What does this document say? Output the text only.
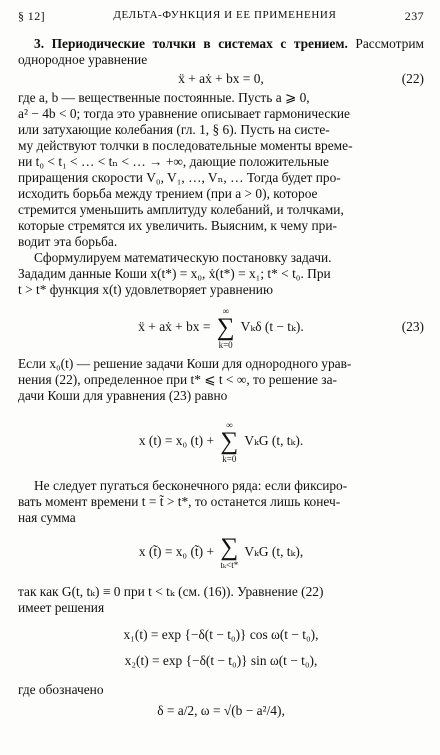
§ 12]	ДЕЛЬТА-ФУНКЦИЯ И ЕЕ ПРИМЕНЕНИЯ	237

3. Периодические толчки в системах с трением. Рассмотрим однородное уравнение

ẍ + aẋ + bx = 0,	(22)

где a, b — вещественные постоянные. Пусть a ⩾ 0,

a² − 4b < 0; тогда это уравнение описывает гармонические

или затухающие колебания (гл. 1, § 6). Пусть на систе-

му действуют толчки в последовательные моменты време-

ни t₀ < t₁ < … < tₙ < … → +∞, дающие положительные

приращения скорости V₀, V₁, …, Vₙ, … Тогда будет про-

исходить борьба между трением (при a > 0), которое

стремится уменьшить амплитуду колебаний, и толчками,

которые стремятся их увеличить. Выясним, к чему при-

водит эта борьба.

Сформулируем математическую постановку задачи.

Зададим данные Коши x(t*) = x₀, ẋ(t*) = x₁; t* < t₀. При

t > t* функция x(t) удовлетворяет уравнению

ẍ + aẋ + bx =
∞
∑
k=0
Vₖδ (t − tₖ).	(23)

Если x₀(t) — решение задачи Коши для однородного урав-

нения (22), определенное при t* ⩽ t < ∞, то решение за-

дачи Коши для уравнения (23) равно

x (t) = x₀ (t) +
∞
∑
k=0
VₖG (t, tₖ).

Не следует пугаться бесконечного ряда: если фиксиро-

вать момент времени t = t̃ > t*, то останется лишь конеч-

ная сумма

x (t̃) = x₀ (t̃) + ∑
tₖ<t*
VₖG (t, tₖ),

так как G(t, tₖ) ≡ 0 при t < tₖ (см. (16)). Уравнение (22)

имеет решения

x₁(t) = exp {−δ(t − t₀)} cos ω(t − t₀),
x₂(t) = exp {−δ(t − t₀)} sin ω(t − t₀),

где обозначено

δ = a/2, ω = √(b − a²/4),
